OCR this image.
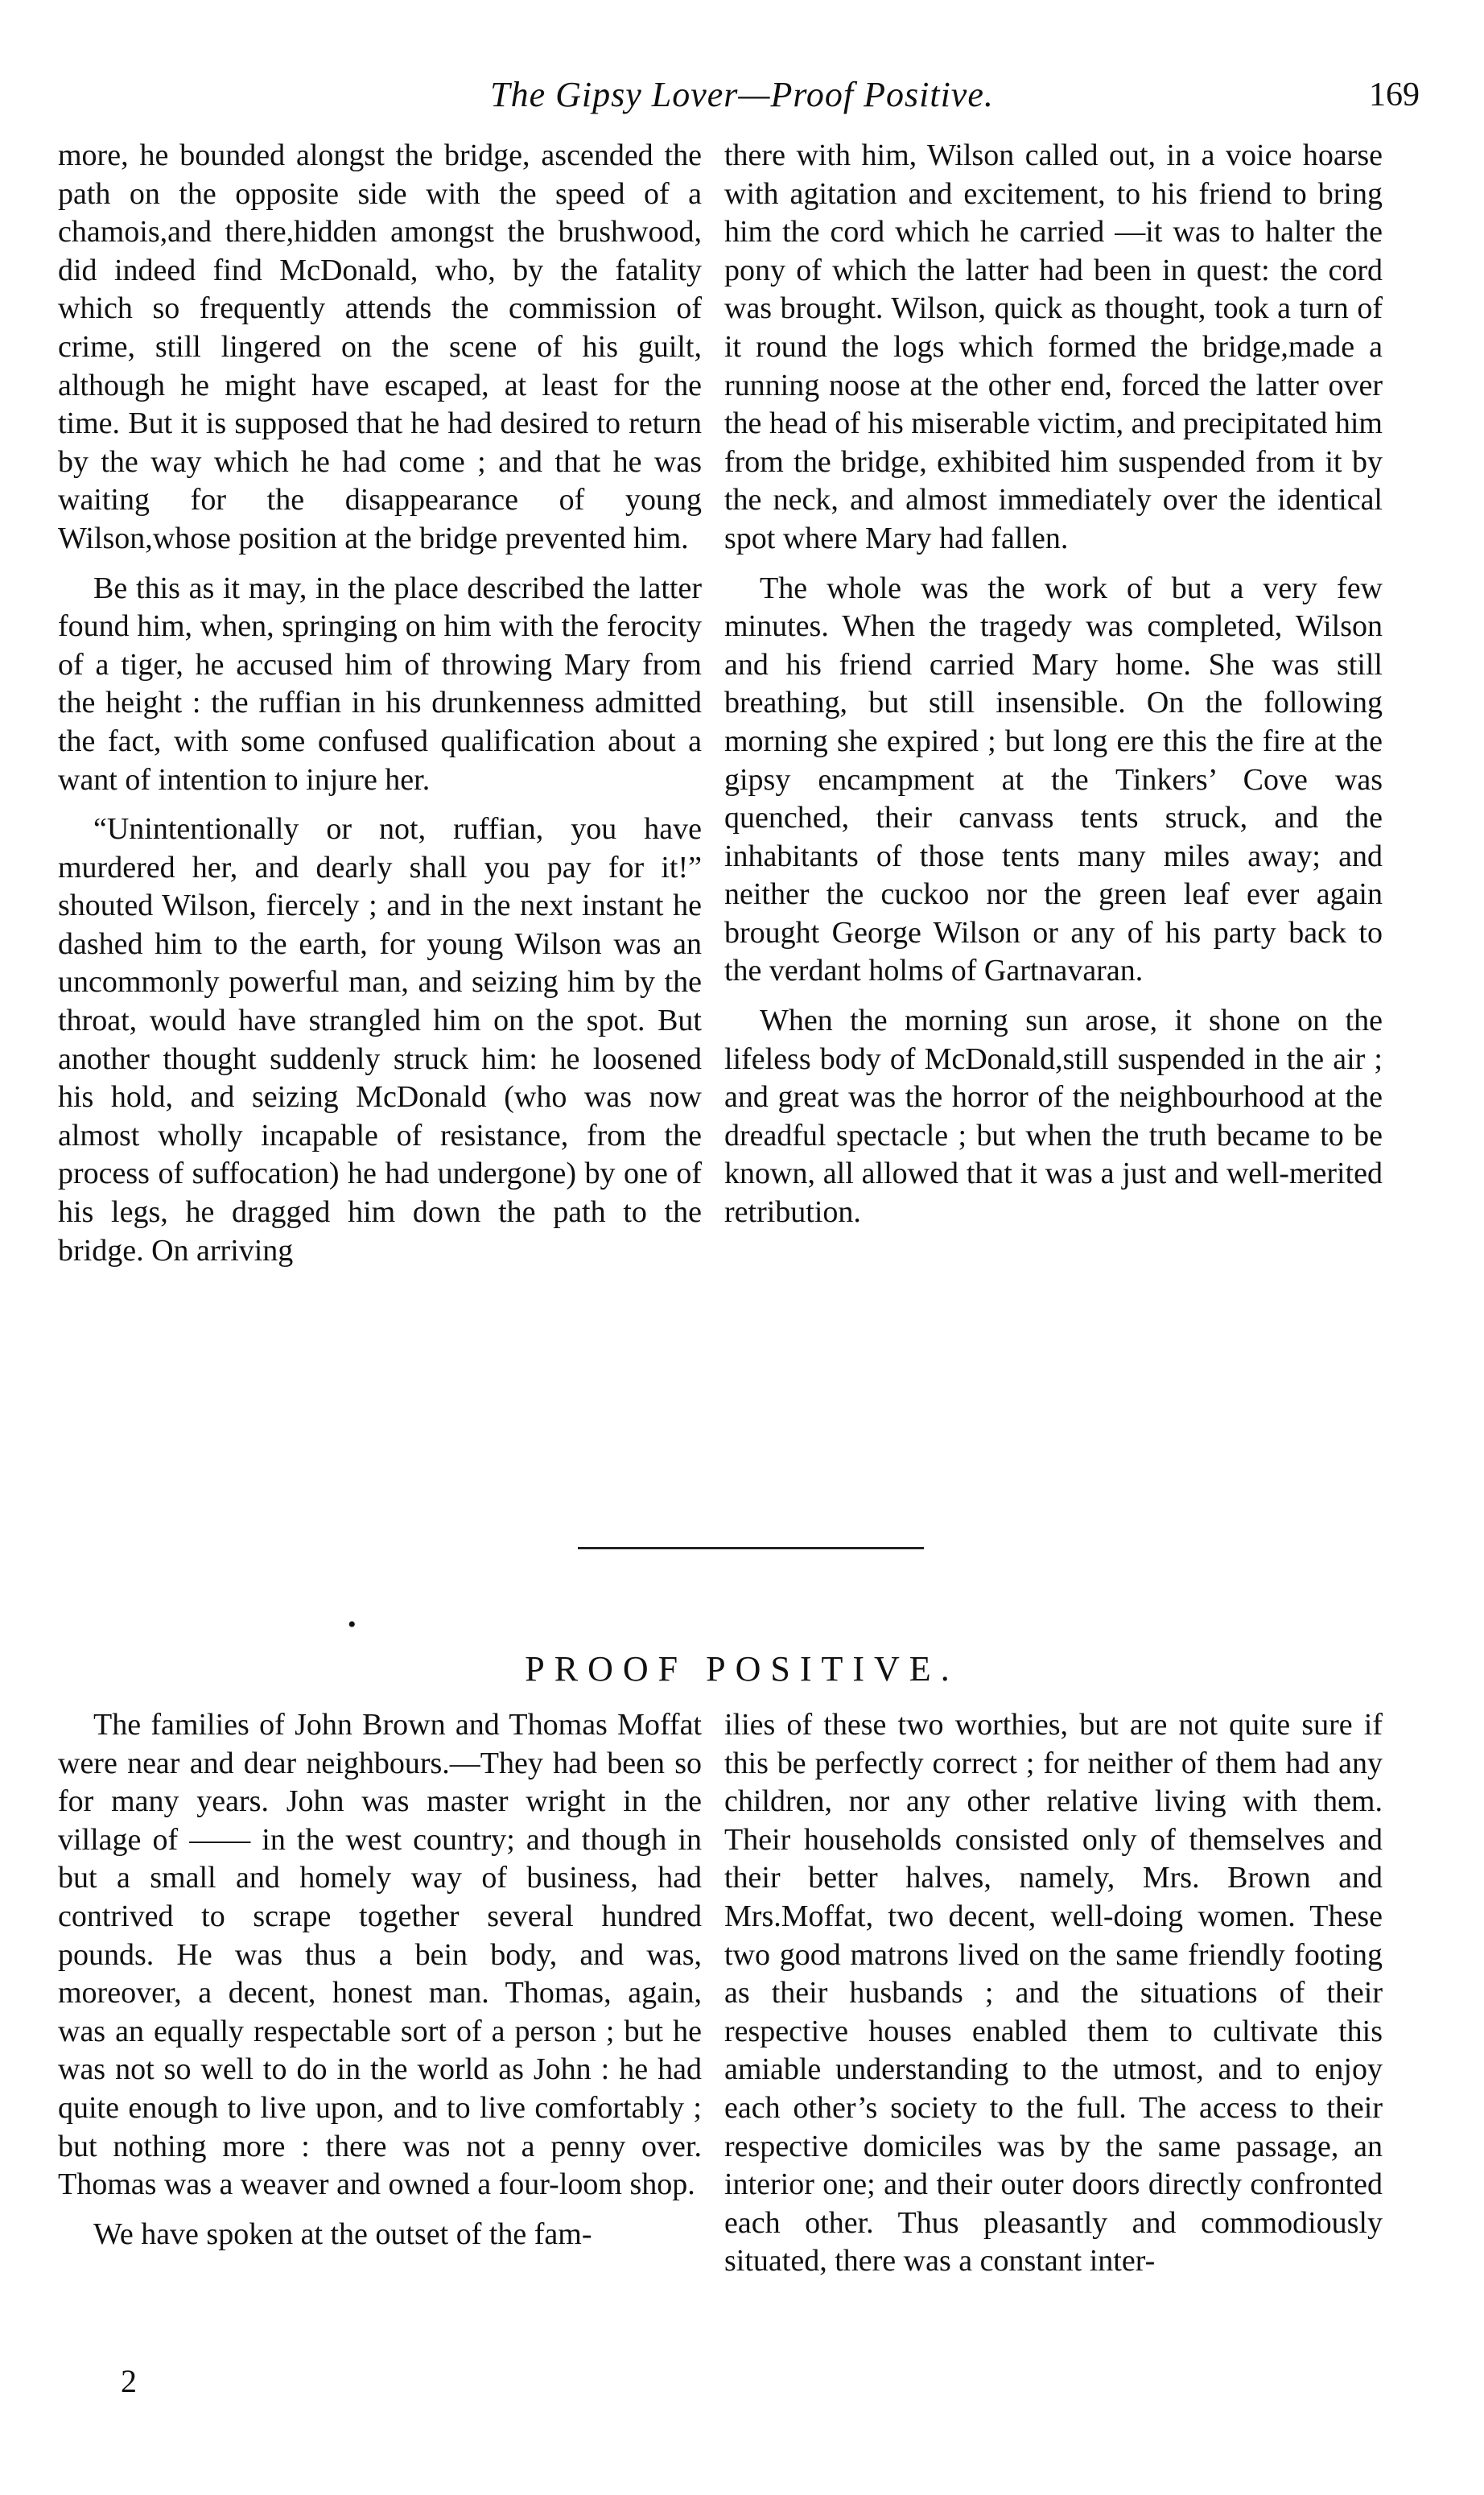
The Gipsy Lover—Proof Positive.	169

more, he bounded alongst the bridge, ascended the path on the opposite side with the speed of a chamois,and there,hidden amongst the brushwood, did indeed find McDonald, who, by the fatality which so frequently attends the commission of crime, still lingered on the scene of his guilt, although he might have escaped, at least for the time. But it is supposed that he had desired to return by the way which he had come ; and that he was waiting for the disappearance of young Wilson,whose position at the bridge prevented him.

Be this as it may, in the place described the latter found him, when, springing on him with the ferocity of a tiger, he accused him of throwing Mary from the height : the ruffian in his drunkenness admitted the fact, with some confused qualification about a want of intention to injure her.

“Unintentionally or not, ruffian, you have murdered her, and dearly shall you pay for it!” shouted Wilson, fiercely ; and in the next instant he dashed him to the earth, for young Wilson was an uncommonly powerful man, and seizing him by the throat, would have strangled him on the spot. But another thought suddenly struck him: he loosened his hold, and seizing McDonald (who was now almost wholly incapable of resistance, from the process of suffocation) he had undergone) by one of his legs, he dragged him down the path to the bridge. On arriving

there with him, Wilson called out, in a voice hoarse with agitation and excitement, to his friend to bring him the cord which he carried —it was to halter the pony of which the latter had been in quest: the cord was brought. Wilson, quick as thought, took a turn of it round the logs which formed the bridge,made a running noose at the other end, forced the latter over the head of his miserable victim, and precipitated him from the bridge, exhibited him suspended from it by the neck, and almost immediately over the identical spot where Mary had fallen.

The whole was the work of but a very few minutes. When the tragedy was completed, Wilson and his friend carried Mary home. She was still breathing, but still insensible. On the following morning she expired ; but long ere this the fire at the gipsy encampment at the Tinkers’ Cove was quenched, their canvass tents struck, and the inhabitants of those tents many miles away; and neither the cuckoo nor the green leaf ever again brought George Wilson or any of his party back to the verdant holms of Gartnavaran.

When the morning sun arose, it shone on the lifeless body of McDonald,still suspended in the air ; and great was the horror of the neighbourhood at the dreadful spectacle ; but when the truth became to be known, all allowed that it was a just and well-merited retribution.

•
PROOF POSITIVE.

The families of John Brown and Thomas Moffat were near and dear neighbours.—They had been so for many years. John was master wright in the village of —— in the west country; and though in but a small and homely way of business, had contrived to scrape together several hundred pounds. He was thus a bein body, and was, moreover, a decent, honest man. Thomas, again, was an equally respectable sort of a person ; but he was not so well to do in the world as John : he had quite enough to live upon, and to live comfortably ; but nothing more : there was not a penny over. Thomas was a weaver and owned a four-loom shop.

We have spoken at the outset of the fam-

ilies of these two worthies, but are not quite sure if this be perfectly correct ; for neither of them had any children, nor any other relative living with them. Their households consisted only of themselves and their better halves, namely, Mrs. Brown and Mrs.Moffat, two decent, well-doing women. These two good matrons lived on the same friendly footing as their husbands ; and the situations of their respective houses enabled them to cultivate this amiable understanding to the utmost, and to enjoy each other’s society to the full. The access to their respective domiciles was by the same passage, an interior one; and their outer doors directly confronted each other. Thus pleasantly and commodiously situated, there was a constant inter-

2
